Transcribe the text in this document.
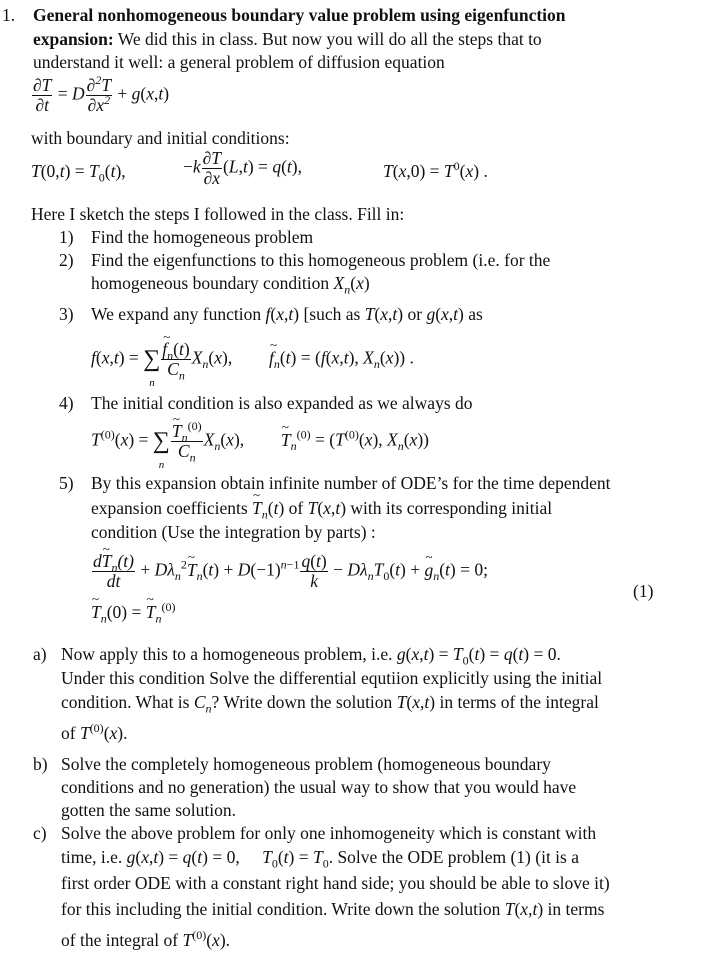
1. General nonhomogeneous boundary value problem using eigenfunction
expansion: We did this in class. But now you will do all the steps that to
understand it well: a general problem of diffusion equation
$\frac{\partial T}{\partial t} = D \frac{\partial^2T}{\partial x^2} + g(x,t)$
with boundary and initial conditions:
$T(0,t) = T_0(t)$,	$-k \frac{\partial T}{\partial x} (L,t) = q(t)$,	$T(x,0) = T^0(x)$ .
Here I sketch the steps I followed in the class. Fill in:
1) Find the homogeneous problem
2) Find the eigenfunctions to this homogeneous problem (i.e. for the
homogeneous boundary condition $X_n(x)$
3) We expand any function f(x,t) [such as T(x,t) or g(x,t) as
f(x,t) = ∑
n
~ $\frac{f_n(t)}{C_n} X_n(x)$,  ~ $f_n(t) = (f(x,t)$, $X_n(x)$) .
4) The initial condition is also expanded as we always do
$T^{(0)}(x)$ = ∑
n
~ $\frac{T_n^{(0)}}{C_n} X_n(x)$,  ~ $T_n^{(0)} = (T^{(0)}(x)$, $X_n(x)$)
5) By this expansion obtain infinite number of ODE’s for the time dependent
expansion coefficients ~ $T_n(t)$ of T(x,t) with its corresponding initial
condition (Use the integration by parts) :
$\frac{d\sim T_n(t)}{dt}$ + $D\lambda_n^2\sim$ $T_n(t) + D(-1)^{n-1} \frac{q(t)}{k} - D\lambda_nT_0(t)$ + ~ $g_n(t) = 0$;
(1)
~ $T_n(0)$ = ~ $T_n^{(0)}$
a) Now apply this to a homogeneous problem, i.e. $g(x,t) = T_0(t) = q(t) = 0$.
Under this condition Solve the differential equtiion explicitly using the initial
condition. What is $C_n$? Write down the solution T(x,t) in terms of the integral
of $T^{(0)}(x)$.
b) Solve the completely homogeneous problem (homogeneous boundary
conditions and no generation) the usual way to show that you would have
gotten the same solution.
c) Solve the above problem for only one inhomogeneity which is constant with
time, i.e. g(x,t) = q(t) = 0, $T_0(t) = T_0$. Solve the ODE problem (1) (it is a
first order ODE with a constant right hand side; you should be able to slove it)
for this including the initial condition. Write down the solution T(x,t) in terms
of the integral of $T^{(0)}(x)$.
